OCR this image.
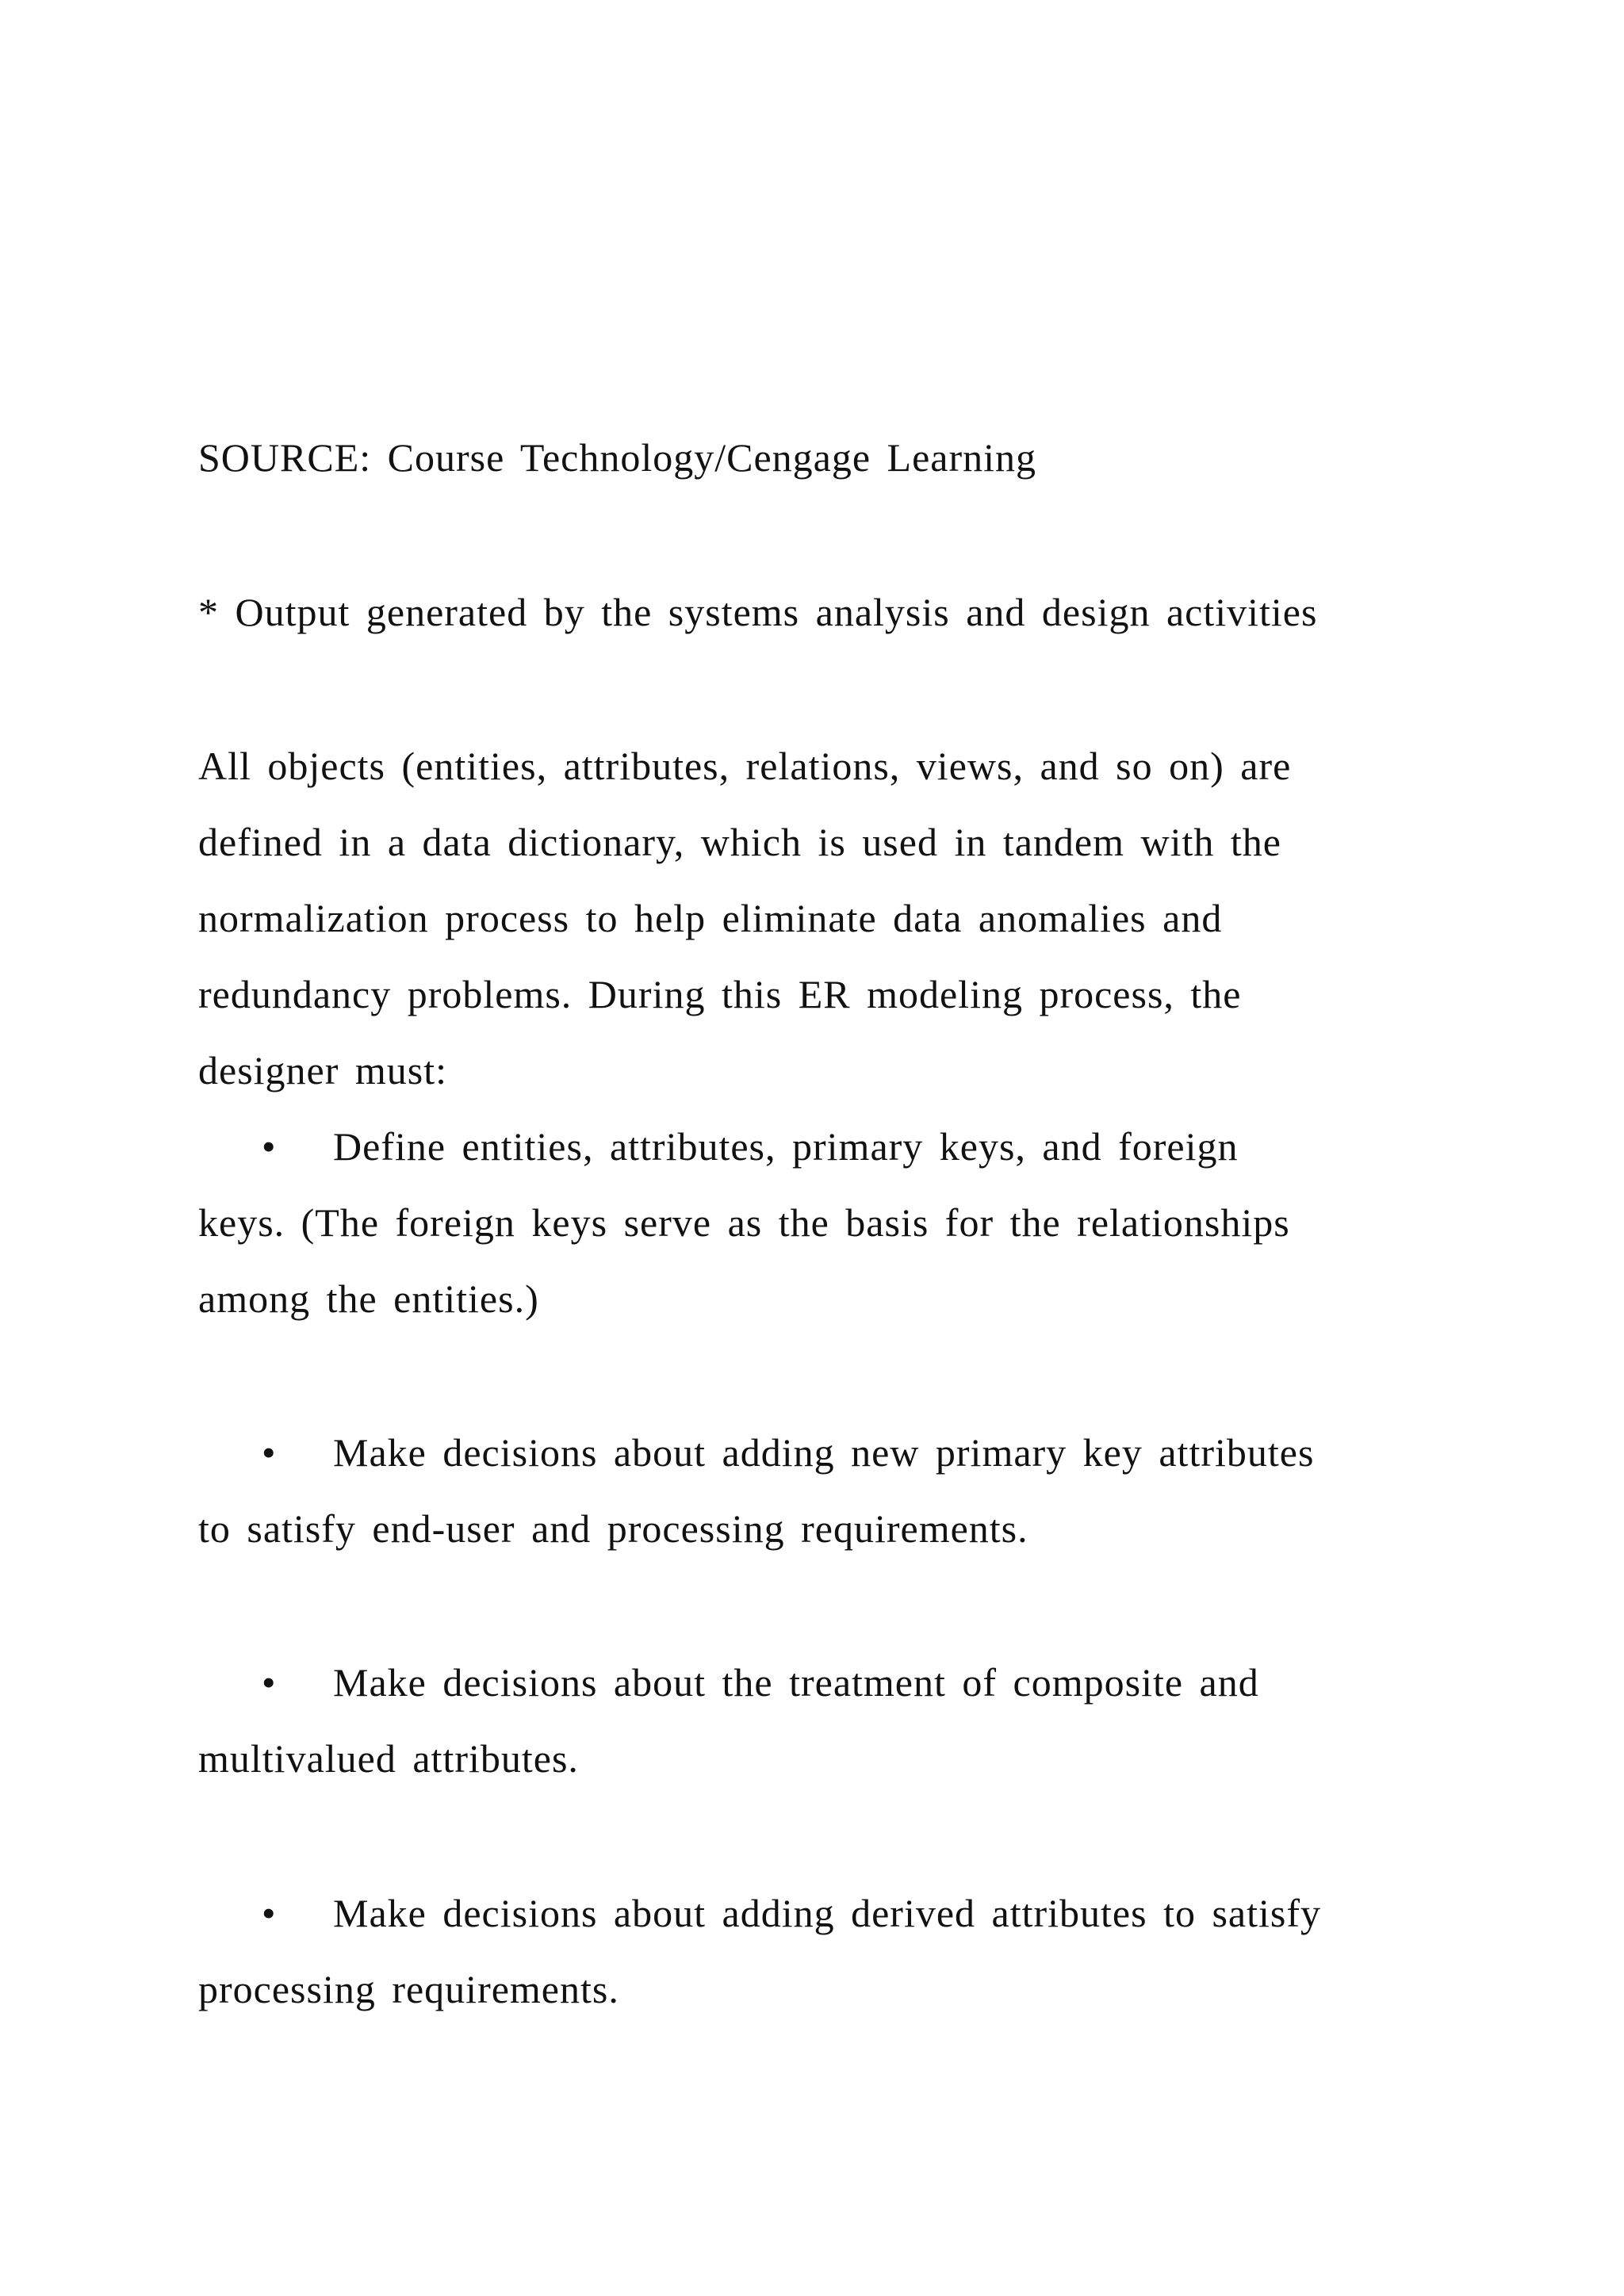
SOURCE: Course Technology/Cengage Learning
* Output generated by the systems analysis and design activities
All objects (entities, attributes, relations, views, and so on) are
defined in a data dictionary, which is used in tandem with the
normalization process to help eliminate data anomalies and
redundancy problems. During this ER modeling process, the
designer must:
• Define entities, attributes, primary keys, and foreign
keys. (The foreign keys serve as the basis for the relationships
among the entities.)
• Make decisions about adding new primary key attributes
to satisfy end-user and processing requirements.
• Make decisions about the treatment of composite and
multivalued attributes.
• Make decisions about adding derived attributes to satisfy
processing requirements.
